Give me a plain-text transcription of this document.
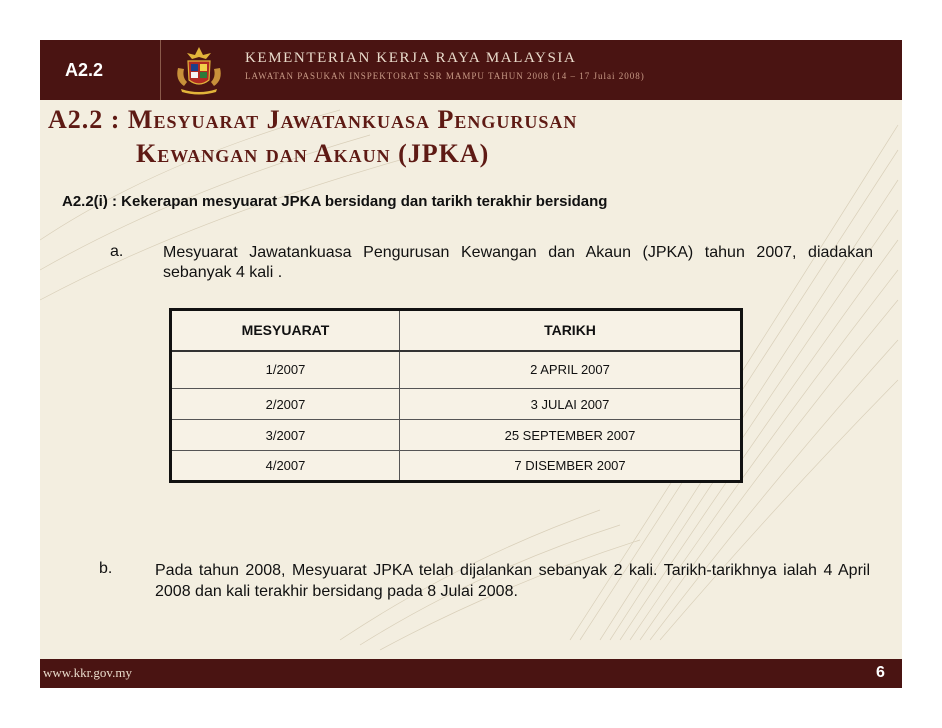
A2.2
KEMENTERIAN KERJA RAYA MALAYSIA
LAWATAN PASUKAN INSPEKTORAT SSR MAMPU TAHUN 2008 (14 – 17 Julai 2008)
A2.2 : Mesyuarat Jawatankuasa Pengurusan
Kewangan dan Akaun (JPKA)
A2.2(i) : Kekerapan mesyuarat JPKA bersidang dan tarikh terakhir bersidang
a. Mesyuarat Jawatankuasa Pengurusan Kewangan dan Akaun (JPKA) tahun 2007, diadakan sebanyak 4 kali .
MESYUARAT	TARIKH
1/2007	2 APRIL 2007
2/2007	3 JULAI 2007
3/2007	25 SEPTEMBER 2007
4/2007	7 DISEMBER 2007
b.	Pada tahun 2008, Mesyuarat JPKA telah dijalankan sebanyak 2 kali. Tarikh-tarikhnya ialah 4 April 2008 dan kali terakhir bersidang pada 8 Julai 2008.
www.kkr.gov.my	6
